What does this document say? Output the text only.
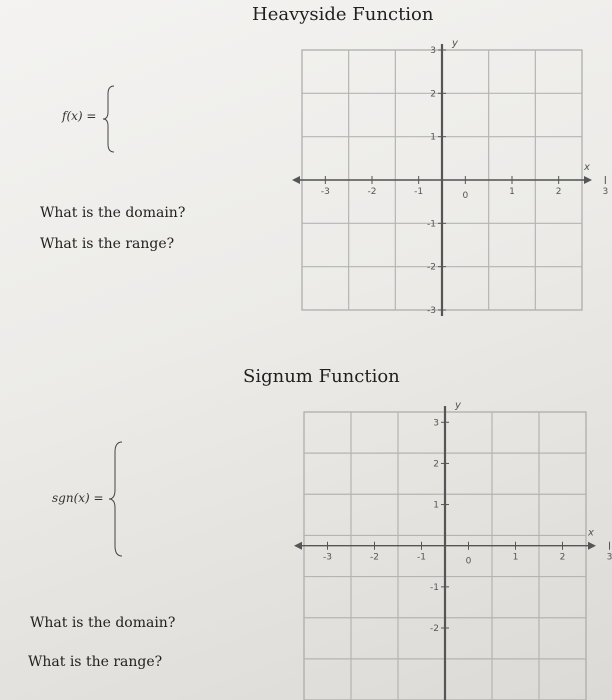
Heavyside Function
f(x) =
What is the domain?
What is the range?
-3	-2	-1	0	1	2	3
3
2
1
-1
-2
-3
x
y
Signum Function
sgn(x) =
What is the domain?
What is the range?
-3	-2	-1	0	1	2	3
3
2
1
-1
-2
x
y
